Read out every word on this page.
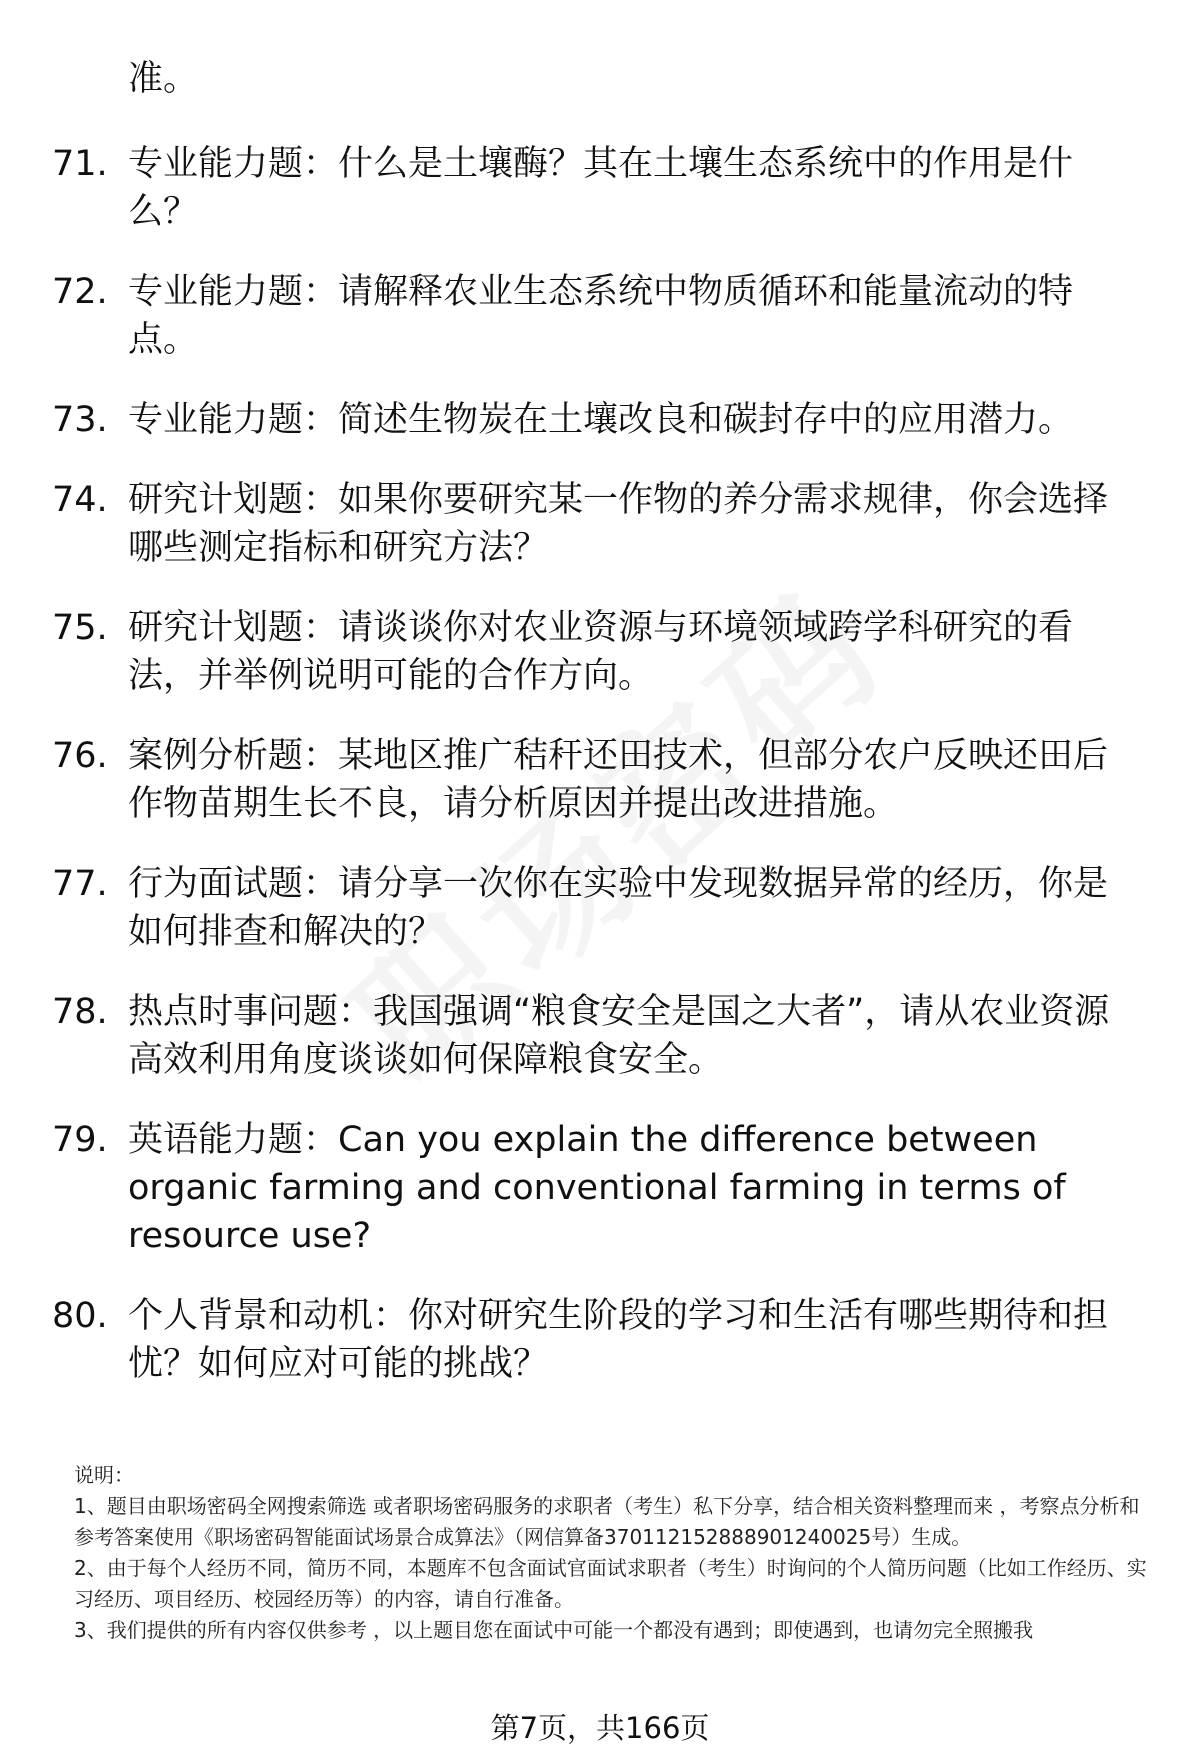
准。
71. 专业能力题：什么是土壤酶？其在土壤生态系统中的作用是什么？
72. 专业能力题：请解释农业生态系统中物质循环和能量流动的特点。
73. 专业能力题：简述生物炭在土壤改良和碳封存中的应用潜力。
74. 研究计划题：如果你要研究某一作物的养分需求规律，你会选择哪些测定指标和研究方法？
75. 研究计划题：请谈谈你对农业资源与环境领域跨学科研究的看法，并举例说明可能的合作方向。
76. 案例分析题：某地区推广秸秆还田技术，但部分农户反映还田后作物苗期生长不良，请分析原因并提出改进措施。
77. 行为面试题：请分享一次你在实验中发现数据异常的经历，你是如何排查和解决的？
78. 热点时事问题：我国强调“粮食安全是国之大者”，请从农业资源高效利用角度谈谈如何保障粮食安全。
79. 英语能力题：Can you explain the difference between organic farming and conventional farming in terms of resource use?
80. 个人背景和动机：你对研究生阶段的学习和生活有哪些期待和担忧？如何应对可能的挑战？

说明：

1、题目由职场密码全网搜索筛选 或者职场密码服务的求职者（考生）私下分享，结合相关资料整理而来 ，考察点分析和参考答案使用《职场密码智能面试场景合成算法》（网信算备370112152888901240025号）生成。

2、由于每个人经历不同，简历不同，本题库不包含面试官面试求职者（考生）时询问的个人简历问题（比如工作经历、实习经历、项目经历、校园经历等）的内容，请自行准备。

3、我们提供的所有内容仅供参考 ，以上题目您在面试中可能一个都没有遇到；即使遇到，也请勿完全照搬我

第7页，共166页
